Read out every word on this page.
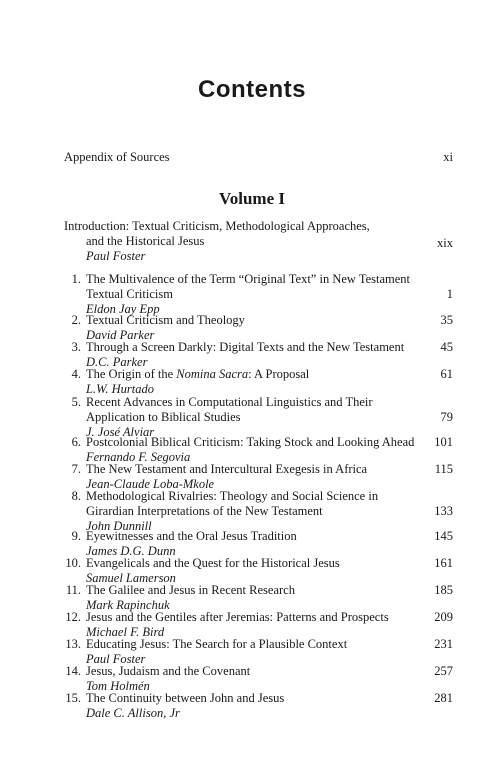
Contents
Appendix of Sources	xi
Volume I
Introduction: Textual Criticism, Methodological Approaches,
and the Historical Jesus
Paul Foster
xix
1. The Multivalence of the Term “Original Text” in New Testament
Textual Criticism
Eldon Jay Epp
1
2. Textual Criticism and Theology
David Parker
35
3. Through a Screen Darkly: Digital Texts and the New Testament
D.C. Parker
45
4. The Origin of the Nomina Sacra: A Proposal
L.W. Hurtado
61
5. Recent Advances in Computational Linguistics and Their
Application to Biblical Studies
J. José Alviar
79
6. Postcolonial Biblical Criticism: Taking Stock and Looking Ahead
Fernando F. Segovia
101
7. The New Testament and Intercultural Exegesis in Africa
Jean-Claude Loba-Mkole
115
8. Methodological Rivalries: Theology and Social Science in
Girardian Interpretations of the New Testament
John Dunnill
133
9. Eyewitnesses and the Oral Jesus Tradition
James D.G. Dunn
145
10. Evangelicals and the Quest for the Historical Jesus
Samuel Lamerson
161
11. The Galilee and Jesus in Recent Research
Mark Rapinchuk
185
12. Jesus and the Gentiles after Jeremias: Patterns and Prospects
Michael F. Bird
209
13. Educating Jesus: The Search for a Plausible Context
Paul Foster
231
14. Jesus, Judaism and the Covenant
Tom Holmén
257
15. The Continuity between John and Jesus
Dale C. Allison, Jr
281
